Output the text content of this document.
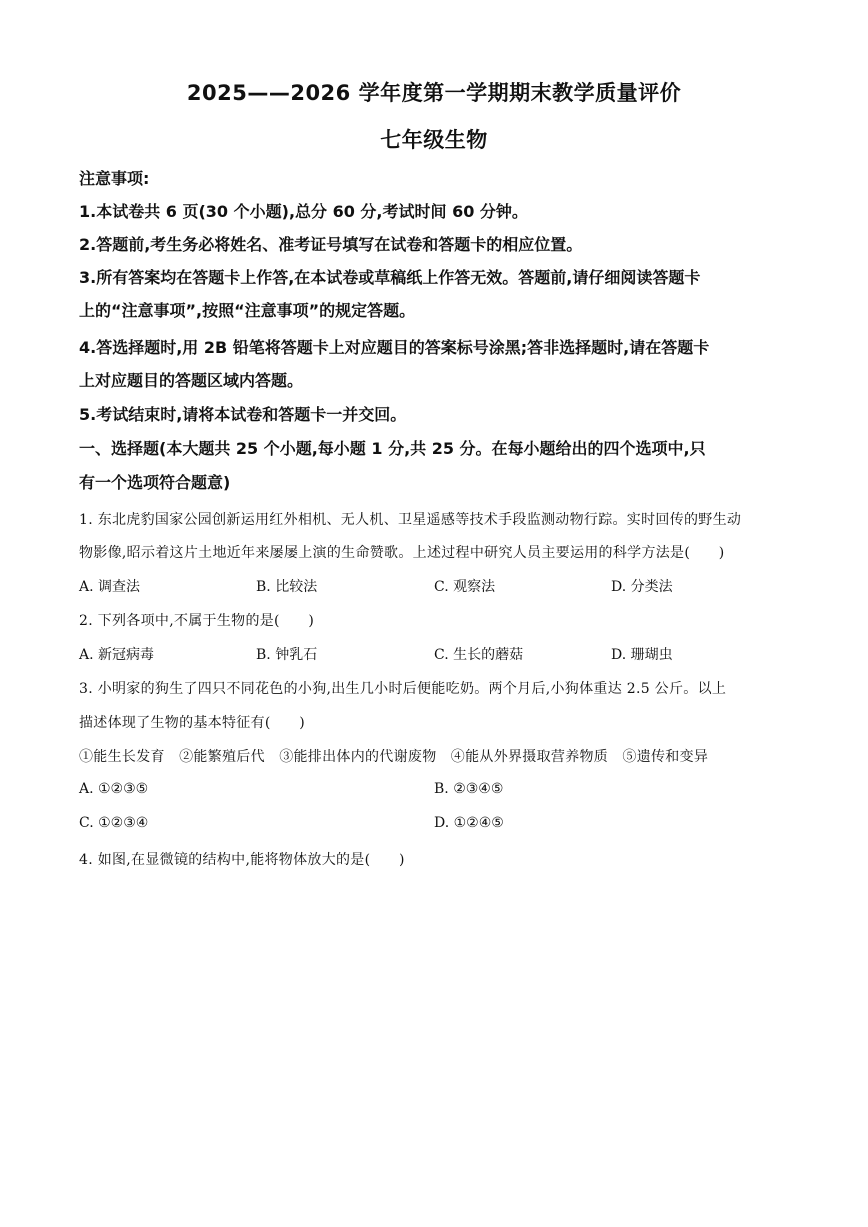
2025——2026 学年度第一学期期末教学质量评价
七年级生物
注意事项:
1.本试卷共 6 页(30 个小题),总分 60 分,考试时间 60 分钟。
2.答题前,考生务必将姓名、准考证号填写在试卷和答题卡的相应位置。
3.所有答案均在答题卡上作答,在本试卷或草稿纸上作答无效。答题前,请仔细阅读答题卡
上的“注意事项”,按照“注意事项”的规定答题。
4.答选择题时,用 2B 铅笔将答题卡上对应题目的答案标号涂黑;答非选择题时,请在答题卡
上对应题目的答题区域内答题。
5.考试结束时,请将本试卷和答题卡一并交回。
一、选择题(本大题共 25 个小题,每小题 1 分,共 25 分。在每小题给出的四个选项中,只
有一个选项符合题意)
1. 东北虎豹国家公园创新运用红外相机、无人机、卫星遥感等技术手段监测动物行踪。实时回传的野生动
物影像,昭示着这片土地近年来屡屡上演的生命赞歌。上述过程中研究人员主要运用的科学方法是(　　)
A. 调查法	B. 比较法	C. 观察法	D. 分类法
2. 下列各项中,不属于生物的是(　　)
A. 新冠病毒	B. 钟乳石	C. 生长的蘑菇	D. 珊瑚虫
3. 小明家的狗生了四只不同花色的小狗,出生几小时后便能吃奶。两个月后,小狗体重达 2.5 公斤。以上
描述体现了生物的基本特征有(　　)
①能生长发育　②能繁殖后代　③能排出体内的代谢废物　④能从外界摄取营养物质　⑤遗传和变异
A. ①②③⑤	B. ②③④⑤
C. ①②③④	D. ①②④⑤
4. 如图,在显微镜的结构中,能将物体放大的是(　　)
